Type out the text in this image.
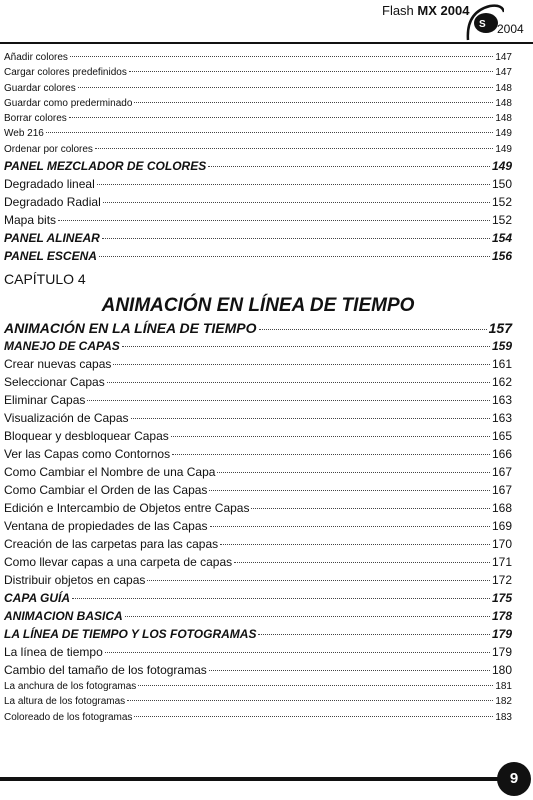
Flash MX 2004
S 2004
Añadir colores	147
Cargar colores predefinidos	147
Guardar colores	148
Guardar como prederminado	148
Borrar colores	148
Web 216	149
Ordenar por colores	149
PANEL MEZCLADOR DE COLORES	149
Degradado lineal	150
Degradado Radial	152
Mapa bits	152
PANEL ALINEAR	154
PANEL ESCENA	156
CAPÍTULO 4
ANIMACIÓN EN LÍNEA DE TIEMPO
ANIMACIÓN EN LA LÍNEA DE TIEMPO	157
MANEJO DE CAPAS	159
Crear nuevas capas	161
Seleccionar Capas	162
Eliminar Capas	163
Visualización de Capas	163
Bloquear y desbloquear Capas	165
Ver las Capas como Contornos	166
Como Cambiar el Nombre de una Capa	167
Como Cambiar el Orden de las Capas	167
Edición e Intercambio de Objetos entre Capas	168
Ventana de propiedades de las Capas	169
Creación de las carpetas para las capas	170
Como llevar capas a una carpeta de capas	171
Distribuir objetos en capas	172
CAPA GUÍA	175
ANIMACION BASICA	178
LA LÍNEA DE TIEMPO Y LOS FOTOGRAMAS	179
La línea de tiempo	179
Cambio del tamaño de los fotogramas	180
La anchura de los fotogramas	181
La altura de los fotogramas	182
Coloreado de los fotogramas	183
9
